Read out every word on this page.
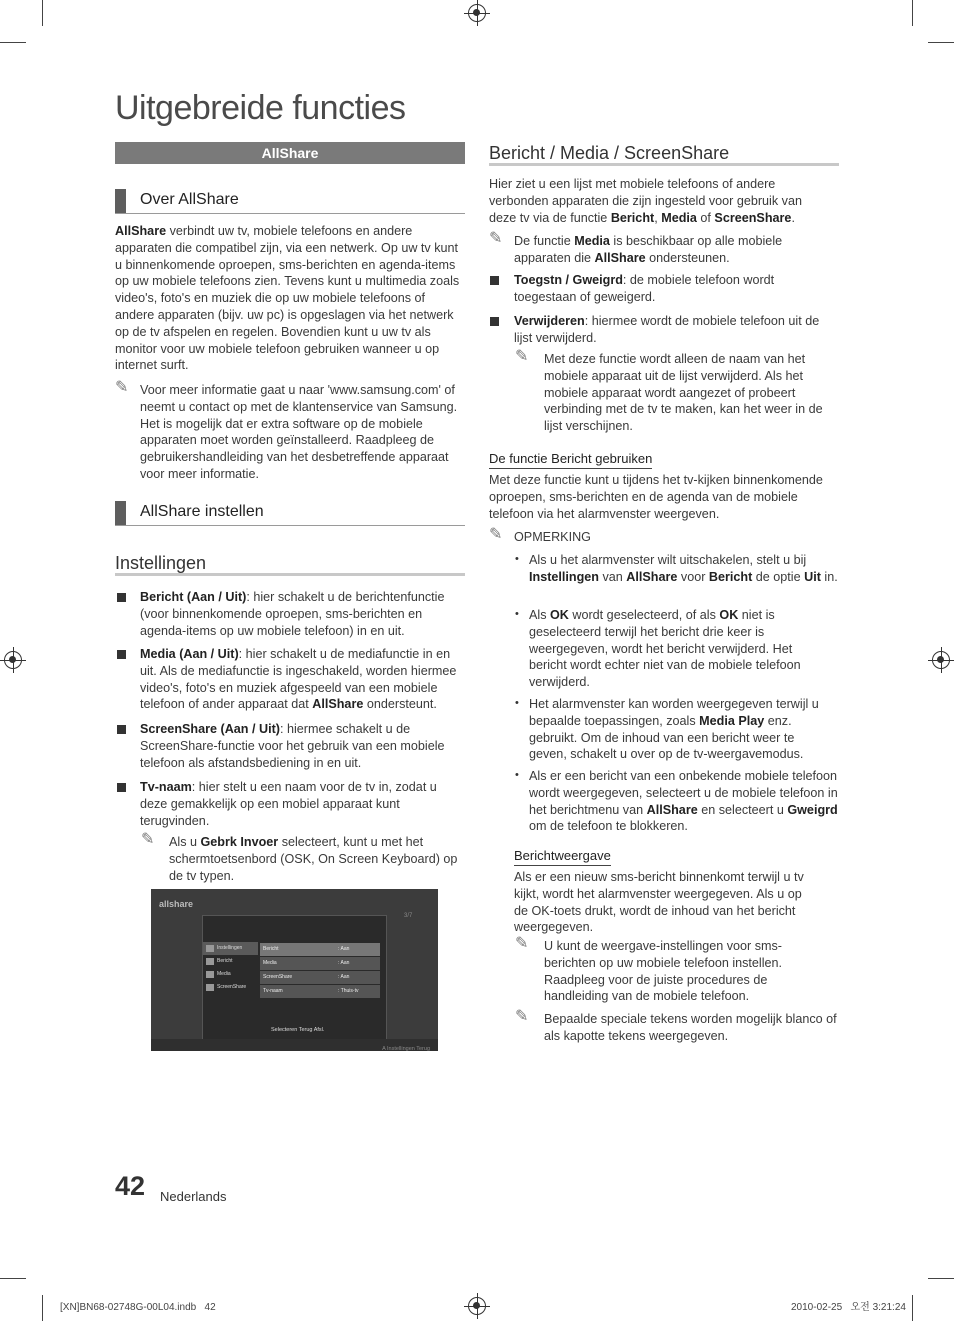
Uitgebreide functies
AllShare
Over AllShare
AllShare verbindt uw tv, mobiele telefoons en andere apparaten die compatibel zijn, via een netwerk. Op uw tv kunt u binnenkomende oproepen, sms-berichten en agenda-items op uw mobiele telefoons zien. Tevens kunt u multimedia zoals video's, foto's en muziek die op uw mobiele telefoons of andere apparaten (bijv. uw pc) is opgeslagen via het netwerk op de tv afspelen en regelen. Bovendien kunt u uw tv als monitor voor uw mobiele telefoon gebruiken wanneer u op internet surft.
✎ Voor meer informatie gaat u naar 'www.samsung.com' of neemt u contact op met de klantenservice van Samsung. Het is mogelijk dat er extra software op de mobiele apparaten moet worden geïnstalleerd. Raadpleeg de gebruikershandleiding van het desbetreffende apparaat voor meer informatie.
AllShare instellen
Instellingen
Bericht (Aan / Uit): hier schakelt u de berichtenfunctie (voor binnenkomende oproepen, sms-berichten en agenda-items op uw mobiele telefoon) in en uit.
Media (Aan / Uit): hier schakelt u de mediafunctie in en uit. Als de mediafunctie is ingeschakeld, worden hiermee video's, foto's en muziek afgespeeld van een mobiele telefoon of ander apparaat dat AllShare ondersteunt.
ScreenShare (Aan / Uit): hiermee schakelt u de ScreenShare-functie voor het gebruik van een mobiele telefoon als afstandsbediening in en uit.
Tv-naam: hier stelt u een naam voor de tv in, zodat u deze gemakkelijk op een mobiel apparaat kunt terugvinden.
✎ Als u Gebrk Invoer selecteert, kunt u met het schermtoetsenbord (OSK, On Screen Keyboard) op de tv typen.
allshare
3/7
Instellingen
Bericht
Media
ScreenShare
Bericht	: Aan
Media	: Aan
ScreenShare	: Aan
Tv-naam	: Thuis-tv
Selecteren Terug Afsl.
A Instellingen Terug
Bericht / Media / ScreenShare
Hier ziet u een lijst met mobiele telefoons of andere verbonden apparaten die zijn ingesteld voor gebruik van deze tv via de functie Bericht, Media of ScreenShare.
✎ De functie Media is beschikbaar op alle mobiele apparaten die AllShare ondersteunen.
Toegstn / Gweigrd: de mobiele telefoon wordt toegestaan of geweigerd.
Verwijderen: hiermee wordt de mobiele telefoon uit de lijst verwijderd.
✎ Met deze functie wordt alleen de naam van het mobiele apparaat uit de lijst verwijderd. Als het mobiele apparaat wordt aangezet of probeert verbinding met de tv te maken, kan het weer in de lijst verschijnen.
De functie Bericht gebruiken
Met deze functie kunt u tijdens het tv-kijken binnenkomende oproepen, sms-berichten en de agenda van de mobiele telefoon via het alarmvenster weergeven.
✎ OPMERKING
• Als u het alarmvenster wilt uitschakelen, stelt u bij Instellingen van AllShare voor Bericht de optie Uit in.
• Als OK wordt geselecteerd, of als OK niet is geselecteerd terwijl het bericht drie keer is weergegeven, wordt het bericht verwijderd. Het bericht wordt echter niet van de mobiele telefoon verwijderd.
• Het alarmvenster kan worden weergegeven terwijl u bepaalde toepassingen, zoals Media Play enz. gebruikt. Om de inhoud van een bericht weer te geven, schakelt u over op de tv-weergavemodus.
• Als er een bericht van een onbekende mobiele telefoon wordt weergegeven, selecteert u de mobiele telefoon in het berichtmenu van AllShare en selecteert u Gweigrd om de telefoon te blokkeren.
Berichtweergave
Als er een nieuw sms-bericht binnenkomt terwijl u tv kijkt, wordt het alarmvenster weergegeven. Als u op de OK-toets drukt, wordt de inhoud van het bericht weergegeven.
✎ U kunt de weergave-instellingen voor sms-berichten op uw mobiele telefoon instellen. Raadpleeg voor de juiste procedures de handleiding van de mobiele telefoon.
✎ Bepaalde speciale tekens worden mogelijk blanco of als kapotte tekens weergegeven.
42 Nederlands
[XN]BN68-02748G-00L04.indb   42	2010-02-25   오전 3:21:24
